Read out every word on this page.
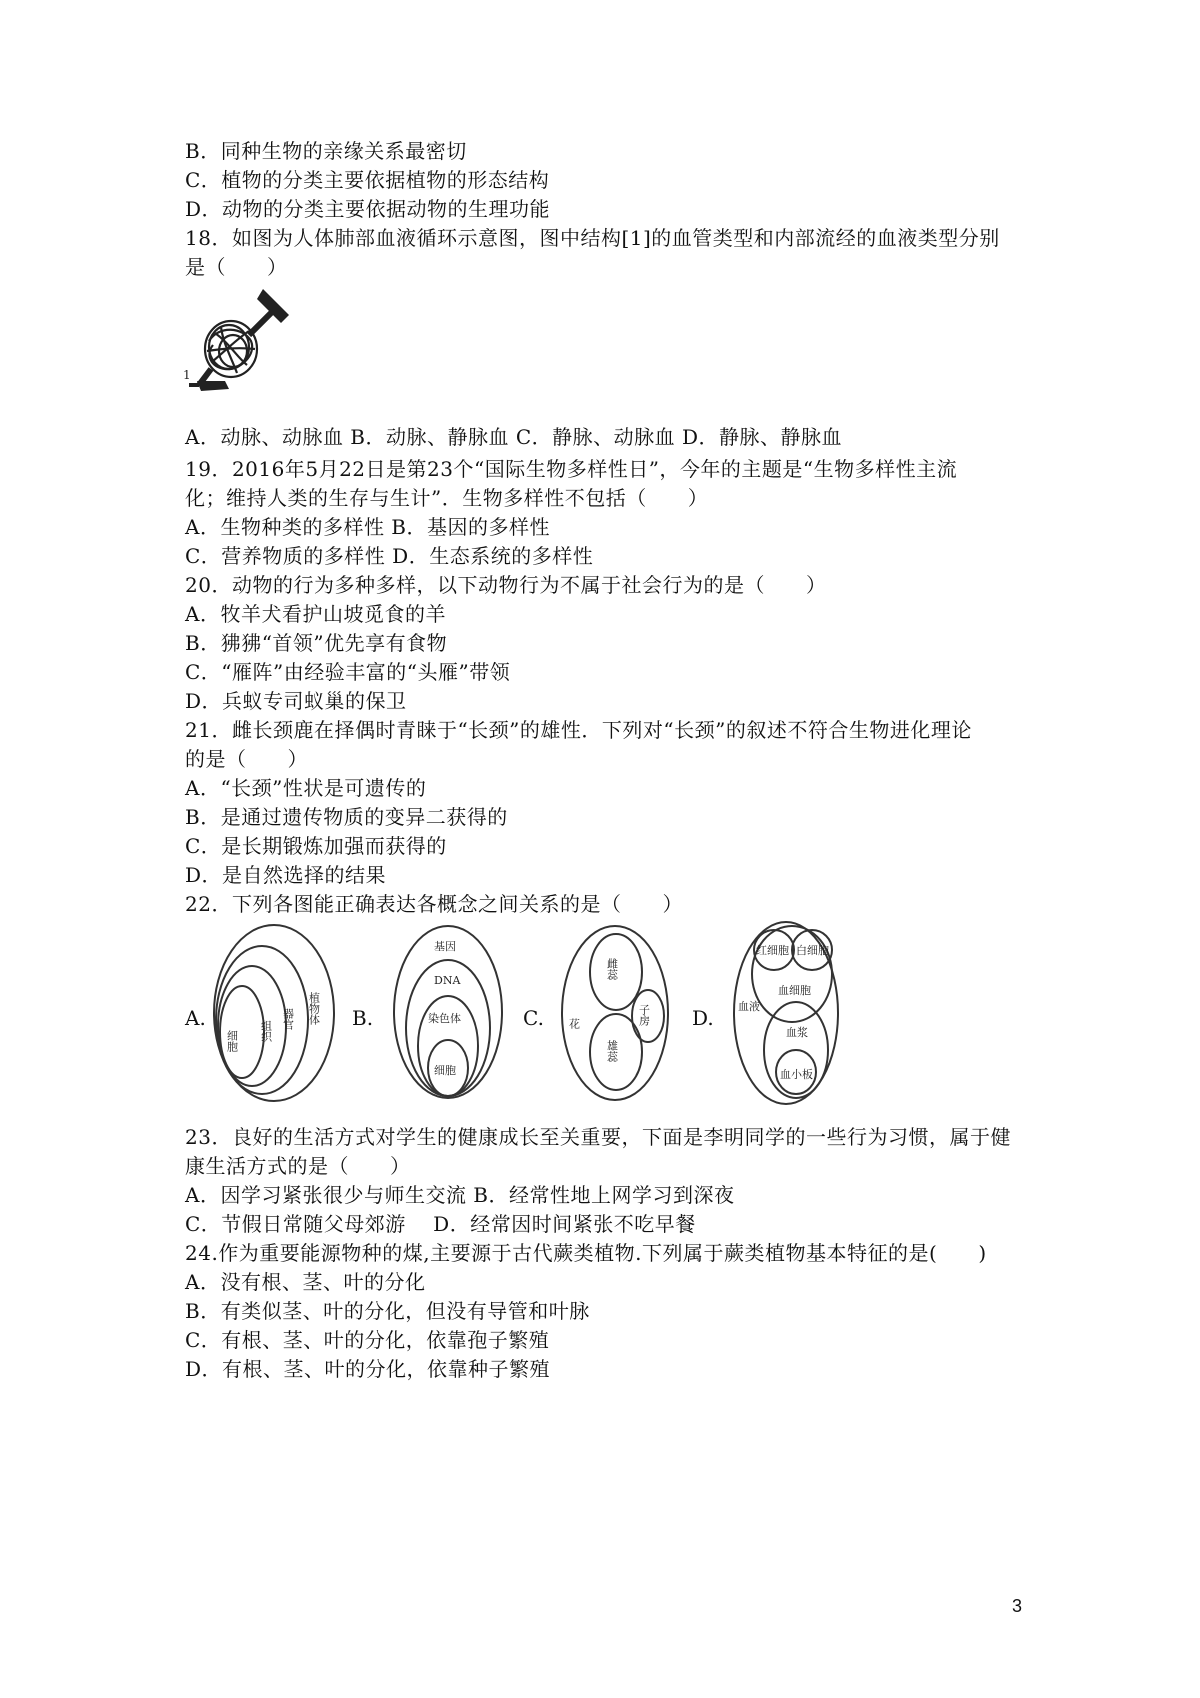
B．同种生物的亲缘关系最密切
C．植物的分类主要依据植物的形态结构
D．动物的分类主要依据动物的生理功能
18．如图为人体肺部血液循环示意图，图中结构[1]的血管类型和内部流经的血液类型分别
是（　　）
1
A．动脉、动脉血 B．动脉、静脉血 C．静脉、动脉血 D．静脉、静脉血
19．2016年5月22日是第23个“国际生物多样性日”，今年的主题是“生物多样性主流
化；维持人类的生存与生计”．生物多样性不包括（　　）
A．生物种类的多样性 B．基因的多样性
C．营养物质的多样性 D．生态系统的多样性
20．动物的行为多种多样，以下动物行为不属于社会行为的是（　　）
A．牧羊犬看护山坡觅食的羊
B．狒狒“首领”优先享有食物
C．“雁阵”由经验丰富的“头雁”带领
D．兵蚁专司蚁巢的保卫
21．雌长颈鹿在择偶时青睐于“长颈”的雄性．下列对“长颈”的叙述不符合生物进化理论
的是（　　）
A．“长颈”性状是可遗传的
B．是通过遗传物质的变异二获得的
C．是长期锻炼加强而获得的
D．是自然选择的结果
22．下列各图能正确表达各概念之间关系的是（　　）
A.
细胞 组织
器官 植物体 B.
基因
DNA
染色体
细胞
C. 花
雌蕊
雄蕊
子房 D.
红细胞 白细胞
血细胞
血浆
血液
血小板
23．良好的生活方式对学生的健康成长至关重要，下面是李明同学的一些行为习惯，属于健
康生活方式的是（　　）
A．因学习紧张很少与师生交流 B．经常性地上网学习到深夜
C．节假日常随父母郊游　 D．经常因时间紧张不吃早餐
24.作为重要能源物种的煤,主要源于古代蕨类植物.下列属于蕨类植物基本特征的是(　　)
A．没有根、茎、叶的分化
B．有类似茎、叶的分化，但没有导管和叶脉
C．有根、茎、叶的分化，依靠孢子繁殖
D．有根、茎、叶的分化，依靠种子繁殖
3
